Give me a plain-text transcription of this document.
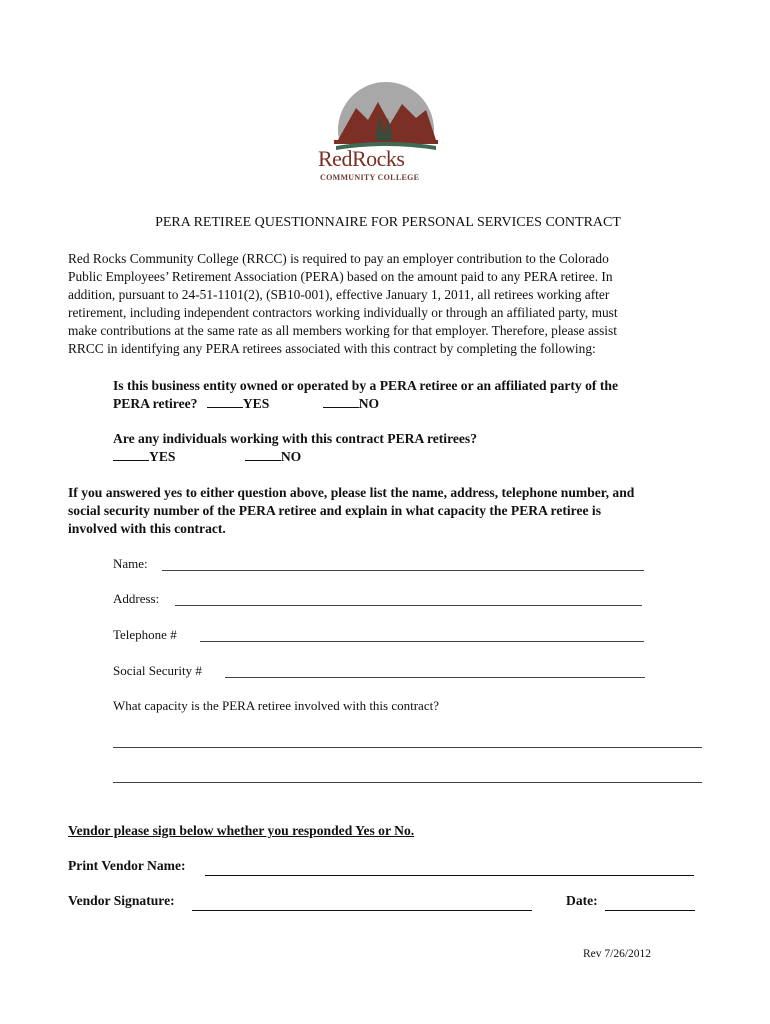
RedRocks
COMMUNITY COLLEGE
PERA RETIREE QUESTIONNAIRE FOR PERSONAL SERVICES CONTRACT
Red Rocks Community College (RRCC) is required to pay an employer contribution to the Colorado
Public Employees’ Retirement Association (PERA) based on the amount paid to any PERA retiree. In
addition, pursuant to 24-51-1101(2), (SB10-001), effective January 1, 2011, all retirees working after
retirement, including independent contractors working individually or through an affiliated party, must
make contributions at the same rate as all members working for that employer. Therefore, please assist
RRCC in identifying any PERA retirees associated with this contract by completing the following:
Is this business entity owned or operated by a PERA retiree or an affiliated party of the
PERA retiree?	YES	NO
Are any individuals working with this contract PERA retirees?
YES	NO
If you answered yes to either question above, please list the name, address, telephone number, and
social security number of the PERA retiree and explain in what capacity the PERA retiree is
involved with this contract.
Name:
Address:
Telephone #
Social Security #
What capacity is the PERA retiree involved with this contract?
Vendor please sign below whether you responded Yes or No.
Print Vendor Name:
Vendor Signature:	Date:
Rev 7/26/2012
